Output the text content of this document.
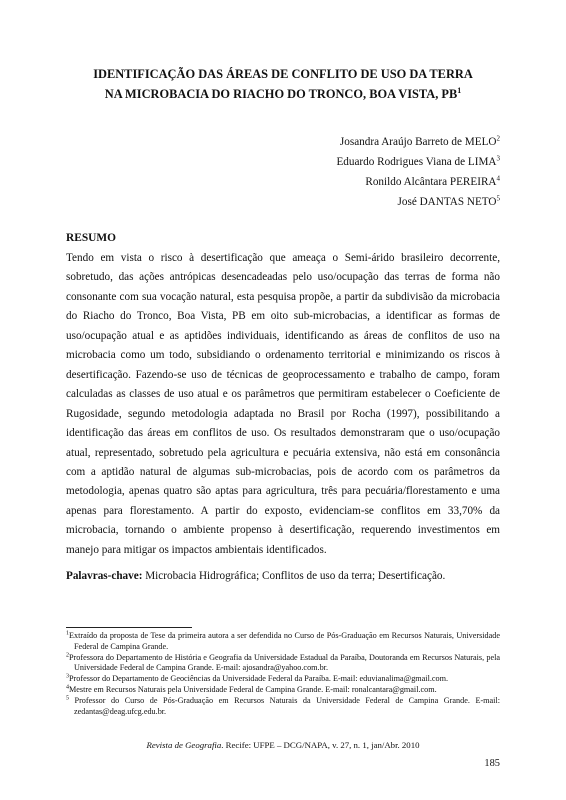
IDENTIFICAÇÃO DAS ÁREAS DE CONFLITO DE USO DA TERRA
NA MICROBACIA DO RIACHO DO TRONCO, BOA VISTA, $PB^1$
Josandra Araújo Barreto de MELO$^2$
Eduardo Rodrigues Viana de LIMA$^3$
Ronildo Alcântara PEREIRA$^4$
José DANTAS NETO$^5$
RESUMO

Tendo em vista o risco à desertificação que ameaça o Semi-árido brasileiro decorrente, sobretudo, das ações antrópicas desencadeadas pelo uso/ocupação das terras de forma não consonante com sua vocação natural, esta pesquisa propõe, a partir da subdivisão da microbacia do Riacho do Tronco, Boa Vista, PB em oito sub-microbacias, a identificar as formas de uso/ocupação atual e as aptidões individuais, identificando as áreas de conflitos de uso na microbacia como um todo, subsidiando o ordenamento territorial e minimizando os riscos à desertificação. Fazendo-se uso de técnicas de geoprocessamento e trabalho de campo, foram calculadas as classes de uso atual e os parâmetros que permitiram estabelecer o Coeficiente de Rugosidade, segundo metodologia adaptada no Brasil por Rocha (1997), possibilitando a identificação das áreas em conflitos de uso. Os resultados demonstraram que o uso/ocupação atual, representado, sobretudo pela agricultura e pecuária extensiva, não está em consonância com a aptidão natural de algumas sub-microbacias, pois de acordo com os parâmetros da metodologia, apenas quatro são aptas para agricultura, três para pecuária/florestamento e uma apenas para florestamento. A partir do exposto, evidenciam-se conflitos em 33,70% da microbacia, tornando o ambiente propenso à desertificação, requerendo investimentos em manejo para mitigar os impactos ambientais identificados.

Palavras-chave: Microbacia Hidrográfica; Conflitos de uso da terra; Desertificação.

$^1$Extraído da proposta de Tese da primeira autora a ser defendida no Curso de Pós-Graduação em Recursos Naturais, Universidade Federal de Campina Grande.

$^2$Professora do Departamento de História e Geografia da Universidade Estadual da Paraíba, Doutoranda em Recursos Naturais, pela Universidade Federal de Campina Grande. E-mail: ajosandra@yahoo.com.br.

$^3$Professor do Departamento de Geociências da Universidade Federal da Paraíba. E-mail: eduvianalima@gmail.com.

$^4$Mestre em Recursos Naturais pela Universidade Federal de Campina Grande. E-mail: ronalcantara@gmail.com.

$^5$ Professor do Curso de Pós-Graduação em Recursos Naturais da Universidade Federal de Campina Grande. E-mail: zedantas@deag.ufcg.edu.br.

Revista de Geografia. Recife: UFPE – DCG/NAPA, v. 27, n. 1, jan/Abr. 2010
185
